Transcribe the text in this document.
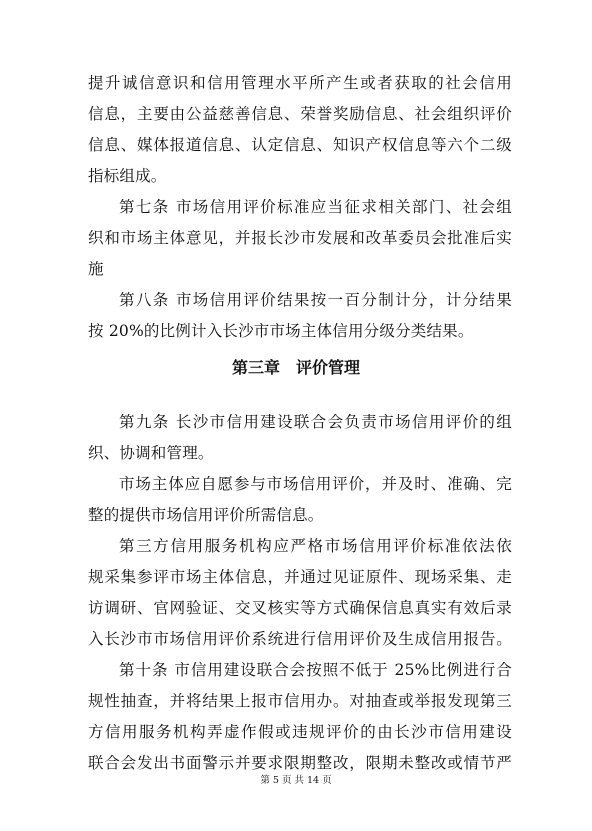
提升诚信意识和信用管理水平所产生或者获取的社会信用
信息，主要由公益慈善信息、荣誉奖励信息、社会组织评价
信息、媒体报道信息、认定信息、知识产权信息等六个二级
指标组成。
第七条 市场信用评价标准应当征求相关部门、社会组
织和市场主体意见，并报长沙市发展和改革委员会批准后实
施
第八条 市场信用评价结果按一百分制计分，计分结果
按 20%的比例计入长沙市市场主体信用分级分类结果。
第三章　评价管理
第九条 长沙市信用建设联合会负责市场信用评价的组
织、协调和管理。
市场主体应自愿参与市场信用评价，并及时、准确、完
整的提供市场信用评价所需信息。
第三方信用服务机构应严格市场信用评价标准依法依
规采集参评市场主体信息，并通过见证原件、现场采集、走
访调研、官网验证、交叉核实等方式确保信息真实有效后录
入长沙市市场信用评价系统进行信用评价及生成信用报告。
第十条 市信用建设联合会按照不低于 25%比例进行合
规性抽查，并将结果上报市信用办。对抽查或举报发现第三
方信用服务机构弄虚作假或违规评价的由长沙市信用建设
联合会发出书面警示并要求限期整改，限期未整改或情节严
第 5 页 共 14 页
